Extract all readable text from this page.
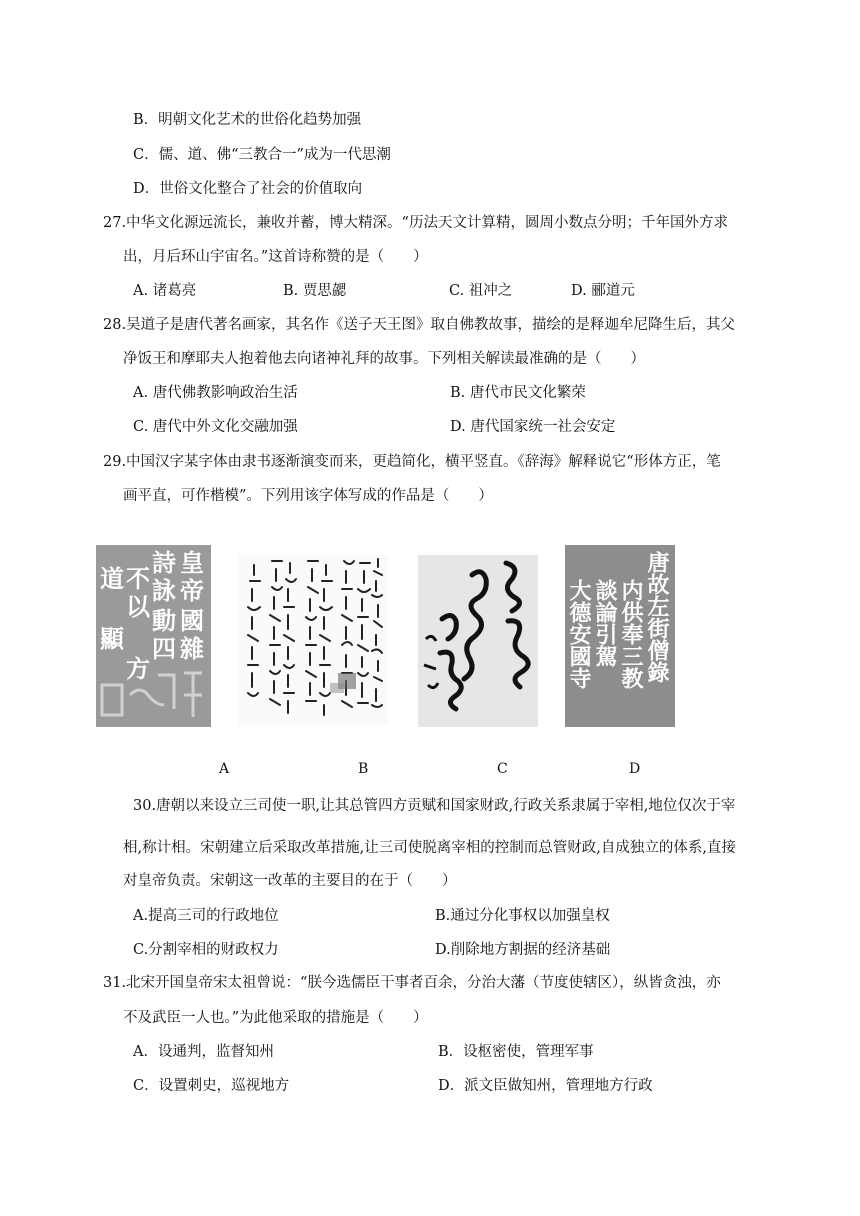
B．明朝文化艺术的世俗化趋势加强
C．儒、道、佛“三教合一”成为一代思潮
D．世俗文化整合了社会的价值取向
27.中华文化源远流长，兼收并蓄，博大精深。“历法天文计算精，圆周小数点分明；千年国外方求
出，月后环山宇宙名。”这首诗称赞的是（　　）
A. 诸葛亮	B. 贾思勰	C. 祖冲之	D. 郦道元
28.吴道子是唐代著名画家，其名作《送子天王图》取自佛教故事，描绘的是释迦牟尼降生后，其父
净饭王和摩耶夫人抱着他去向诸神礼拜的故事。下列相关解读最准确的是（　　）
A. 唐代佛教影响政治生活	B. 唐代市民文化繁荣
C. 唐代中外文化交融加强	D. 唐代国家统一社会安定
29.中国汉字某字体由隶书逐渐演变而来，更趋简化，横平竖直。《辞海》解释说它“形体方正，笔
画平直，可作楷模”。下列用该字体写成的作品是（　　）
皇帝
國雜
詩詠
動四
不以
方
道
顯	唐故左街僧錄
内供奉三教
談論引駕
大德安國寺
A	B	C	D
30.唐朝以来设立三司使一职,让其总管四方贡赋和国家财政,行政关系隶属于宰相,地位仅次于宰
相,称计相。宋朝建立后采取改革措施,让三司使脱离宰相的控制而总管财政,自成独立的体系,直接
对皇帝负责。宋朝这一改革的主要目的在于（　　）
A.提高三司的行政地位	B.通过分化事权以加强皇权
C.分割宰相的财政权力	D.削除地方割据的经济基础
31.北宋开国皇帝宋太祖曾说：“朕今选儒臣干事者百余，分治大藩（节度使辖区），纵皆贪浊，亦
不及武臣一人也。”为此他采取的措施是（　　）
A．设通判，监督知州	B．设枢密使，管理军事
C．设置刺史，巡视地方	D．派文臣做知州，管理地方行政
